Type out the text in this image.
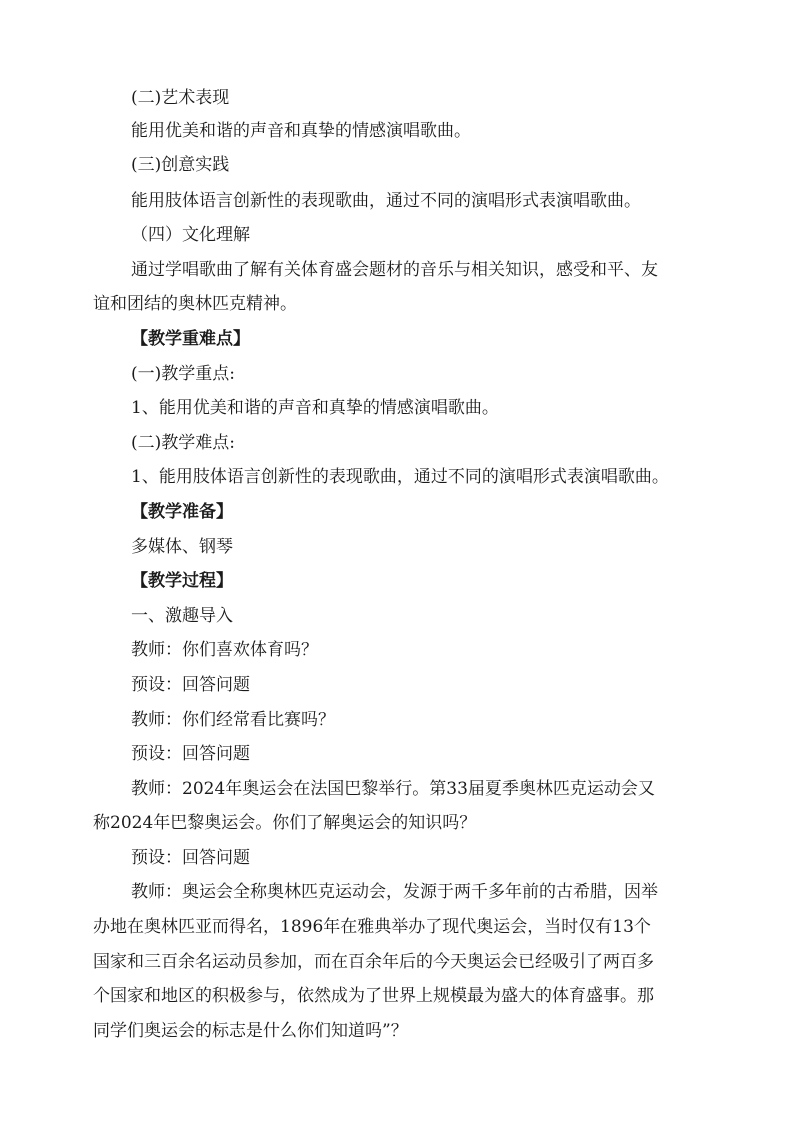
(二)艺术表现

能用优美和谐的声音和真挚的情感演唱歌曲。

(三)创意实践

能用肢体语言创新性的表现歌曲，通过不同的演唱形式表演唱歌曲。

（四）文化理解

通过学唱歌曲了解有关体育盛会题材的音乐与相关知识，感受和平、友

谊和团结的奥林匹克精神。

【教学重难点】

(一)教学重点:

1、能用优美和谐的声音和真挚的情感演唱歌曲。

(二)教学难点:

1、能用肢体语言创新性的表现歌曲，通过不同的演唱形式表演唱歌曲。

【教学准备】

多媒体、钢琴

【教学过程】

一、激趣导入

教师：你们喜欢体育吗？

预设：回答问题

教师：你们经常看比赛吗？

预设：回答问题

教师：2024年奥运会在法国巴黎举行。第33届夏季奥林匹克运动会又

称2024年巴黎奥运会。你们了解奥运会的知识吗？

预设：回答问题

教师：奥运会全称奥林匹克运动会，发源于两千多年前的古希腊，因举

办地在奥林匹亚而得名，1896年在雅典举办了现代奥运会，当时仅有13个

国家和三百余名运动员参加，而在百余年后的今天奥运会已经吸引了两百多

个国家和地区的积极参与，依然成为了世界上规模最为盛大的体育盛事。那

同学们奥运会的标志是什么你们知道吗”？
